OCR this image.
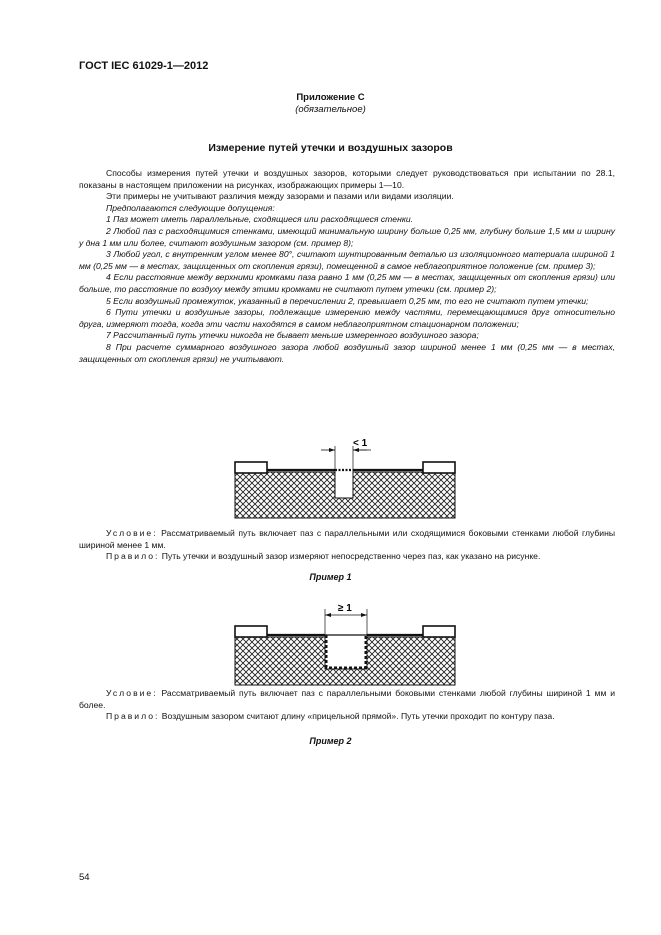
ГОСТ IEC 61029-1—2012
Приложение С
(обязательное)
Измерение путей утечки и воздушных зазоров

Способы измерения путей утечки и воздушных зазоров, которыми следует руководствоваться при испытании по 28.1, показаны в настоящем приложении на рисунках, изображающих примеры 1—10.

Эти примеры не учитывают различия между зазорами и пазами или видами изоляции.

Предполагаются следующие допущения:

1 Паз может иметь параллельные, сходящиеся или расходящиеся стенки.

2 Любой паз с расходящимися стенками, имеющий минимальную ширину больше 0,25 мм, глубину больше 1,5 мм и ширину у дна 1 мм или более, считают воздушным зазором (см. пример 8);

3 Любой угол, с внутренним углом менее 80°, считают шунтированным деталью из изоляционного материала шириной 1 мм (0,25 мм — в местах, защищенных от скопления грязи), помещенной в самое неблагоприятное положение (см. пример 3);

4 Если расстояние между верхними кромками паза равно 1 мм (0,25 мм — в местах, защищенных от скопления грязи) или больше, то расстояние по воздуху между этими кромками не считают путем утечки (см. пример 2);

5 Если воздушный промежуток, указанный в перечислении 2, превышает 0,25 мм, то его не считают путем утечки;

6 Пути утечки и воздушные зазоры, подлежащие измерению между частями, перемещающимися друг относительно друга, измеряют тогда, когда эти части находятся в самом неблагоприятном стационарном положении;

7 Рассчитанный путь утечки никогда не бывает меньше измеренного воздушного зазора;

8 При расчете суммарного воздушного зазора любой воздушный зазор шириной менее 1 мм (0,25 мм — в местах, защищенных от скопления грязи) не учитывают.

< 1

Условие: Рассматриваемый путь включает паз с параллельными или сходящимися боковыми стенками любой глубины шириной менее 1 мм.

Правило: Путь утечки и воздушный зазор измеряют непосредственно через паз, как указано на рисунке.

Пример 1
≥ 1

Условие: Рассматриваемый путь включает паз с параллельными боковыми стенками любой глубины шириной 1 мм и более.

Правило: Воздушным зазором считают длину «прицельной прямой». Путь утечки проходит по контуру паза.

Пример 2
54
